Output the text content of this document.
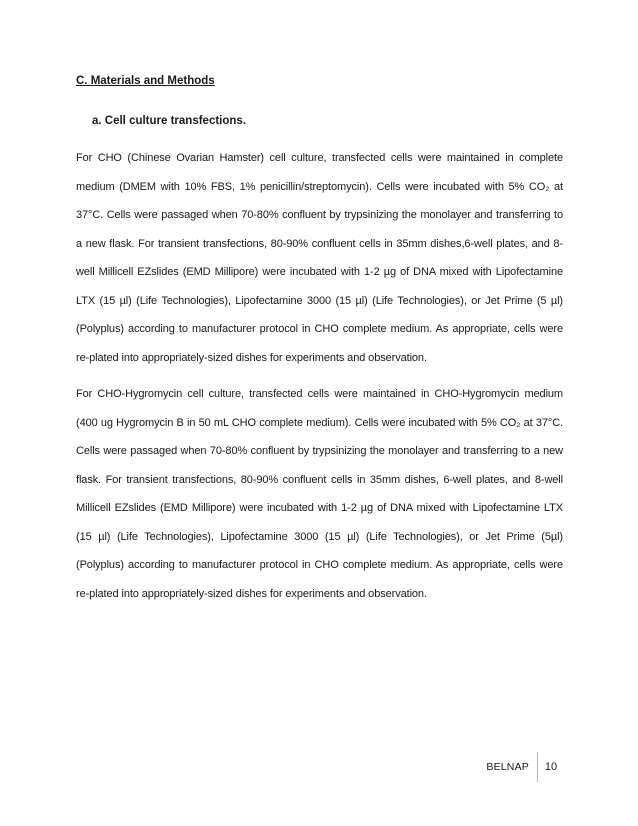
C. Materials and Methods

a. Cell culture transfections.

For CHO (Chinese Ovarian Hamster) cell culture, transfected cells were maintained in complete medium (DMEM with 10% FBS, 1% penicillin/streptomycin). Cells were incubated with 5% CO₂ at 37°C. Cells were passaged when 70-80% confluent by trypsinizing the monolayer and transferring to a new flask. For transient transfections, 80-90% confluent cells in 35mm dishes,6-well plates, and 8-well Millicell EZslides (EMD Millipore) were incubated with 1-2 µg of DNA mixed with Lipofectamine LTX (15 µl) (Life Technologies), Lipofectamine 3000 (15 µl) (Life Technologies), or Jet Prime (5 µl) (Polyplus) according to manufacturer protocol in CHO complete medium. As appropriate, cells were re-plated into appropriately-sized dishes for experiments and observation.

For CHO-Hygromycin cell culture, transfected cells were maintained in CHO-Hygromycin medium (400 ug Hygromycin B in 50 mL CHO complete medium). Cells were incubated with 5% CO₂ at 37°C. Cells were passaged when 70-80% confluent by trypsinizing the monolayer and transferring to a new flask. For transient transfections, 80-90% confluent cells in 35mm dishes, 6-well plates, and 8-well Millicell EZslides (EMD Millipore) were incubated with 1-2 µg of DNA mixed with Lipofectamine LTX (15 µl) (Life Technologies), Lipofectamine 3000 (15 µl) (Life Technologies), or Jet Prime (5µl) (Polyplus) according to manufacturer protocol in CHO complete medium. As appropriate, cells were re-plated into appropriately-sized dishes for experiments and observation.

BELNAP	10
